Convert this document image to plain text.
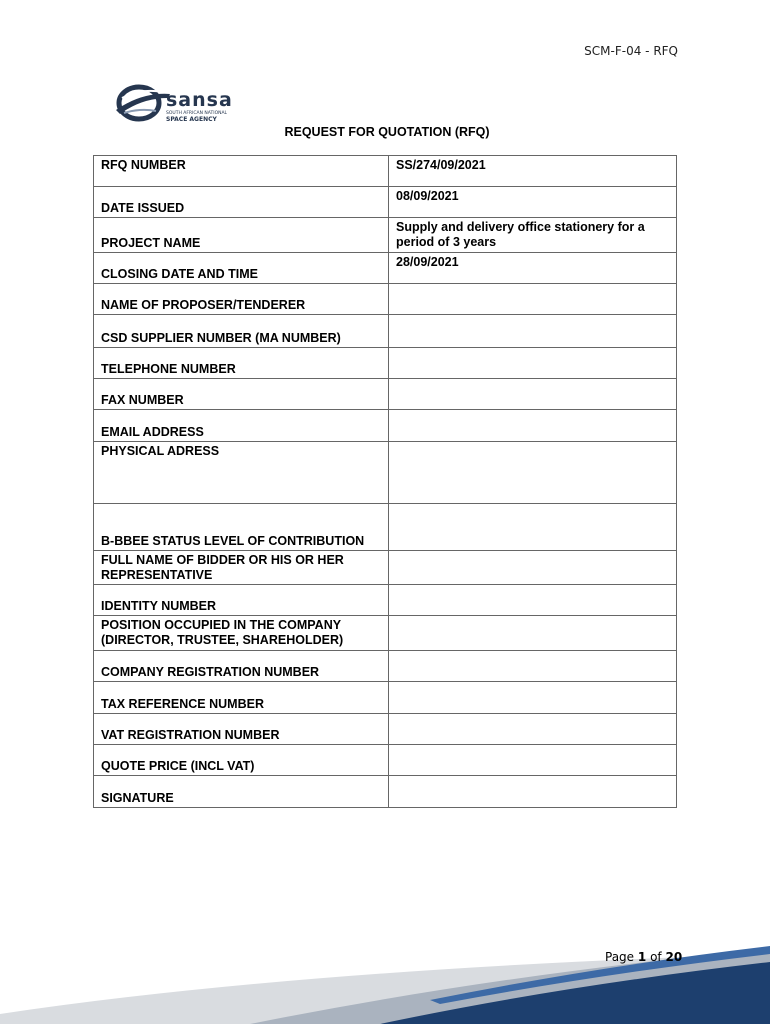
SCM-F-04 - RFQ
sansa
SOUTH AFRICAN NATIONAL
SPACE AGENCY
REQUEST FOR QUOTATION (RFQ)
RFQ NUMBER	SS/274/09/2021
DATE ISSUED	08/09/2021
PROJECT NAME	Supply and delivery office stationery for a period of 3 years
CLOSING DATE AND TIME	28/09/2021
NAME OF PROPOSER/TENDERER	
CSD SUPPLIER NUMBER (MA NUMBER)	
TELEPHONE NUMBER	
FAX NUMBER	
EMAIL ADDRESS	
PHYSICAL ADRESS	
B-BBEE STATUS LEVEL OF CONTRIBUTION	
FULL NAME OF BIDDER OR HIS OR HER REPRESENTATIVE	
IDENTITY NUMBER	
POSITION OCCUPIED IN THE COMPANY (DIRECTOR, TRUSTEE, SHAREHOLDER)	
COMPANY REGISTRATION NUMBER	
TAX REFERENCE NUMBER	
VAT REGISTRATION NUMBER	
QUOTE PRICE (INCL VAT)	
SIGNATURE	
Page 1 of 20
